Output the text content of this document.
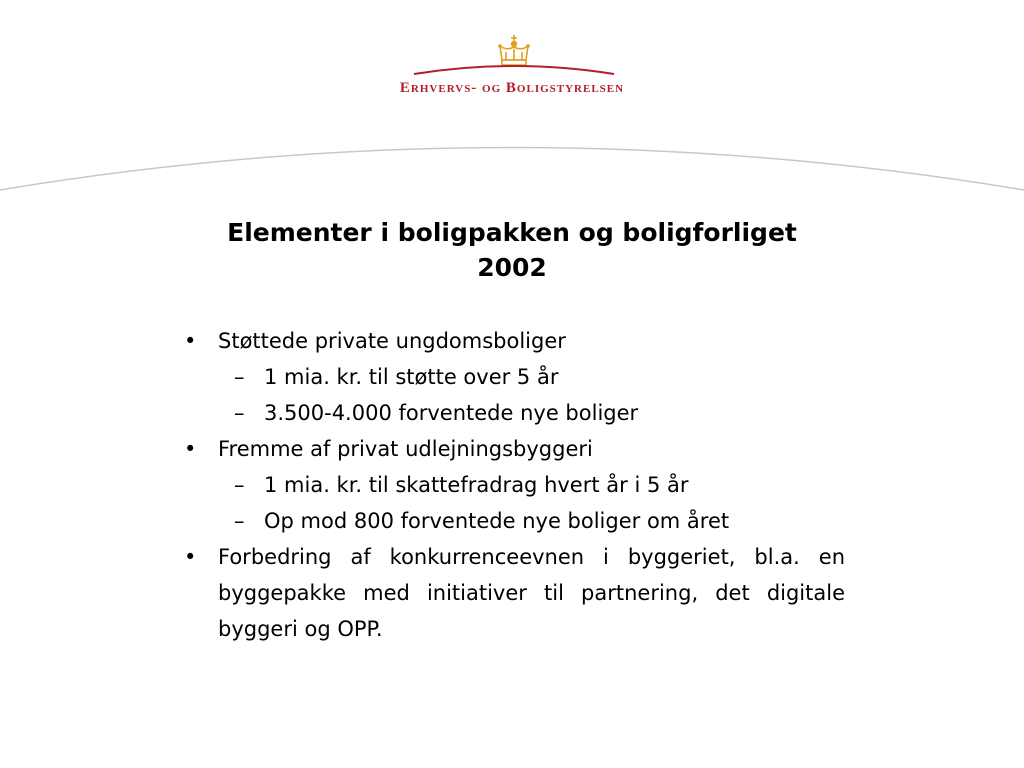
Erhvervs- og Boligstyrelsen
Elementer i boligpakken og boligforliget
2002
• Støttede private ungdomsboliger
– 1 mia. kr. til støtte over 5 år
– 3.500-4.000 forventede nye boliger
• Fremme af privat udlejningsbyggeri
– 1 mia. kr. til skattefradrag hvert år i 5 år
– Op mod 800 forventede nye boliger om året
• Forbedring af konkurrenceevnen i byggeriet, bl.a. en byggepakke med initiativer til partnering, det digitale byggeri og OPP.
